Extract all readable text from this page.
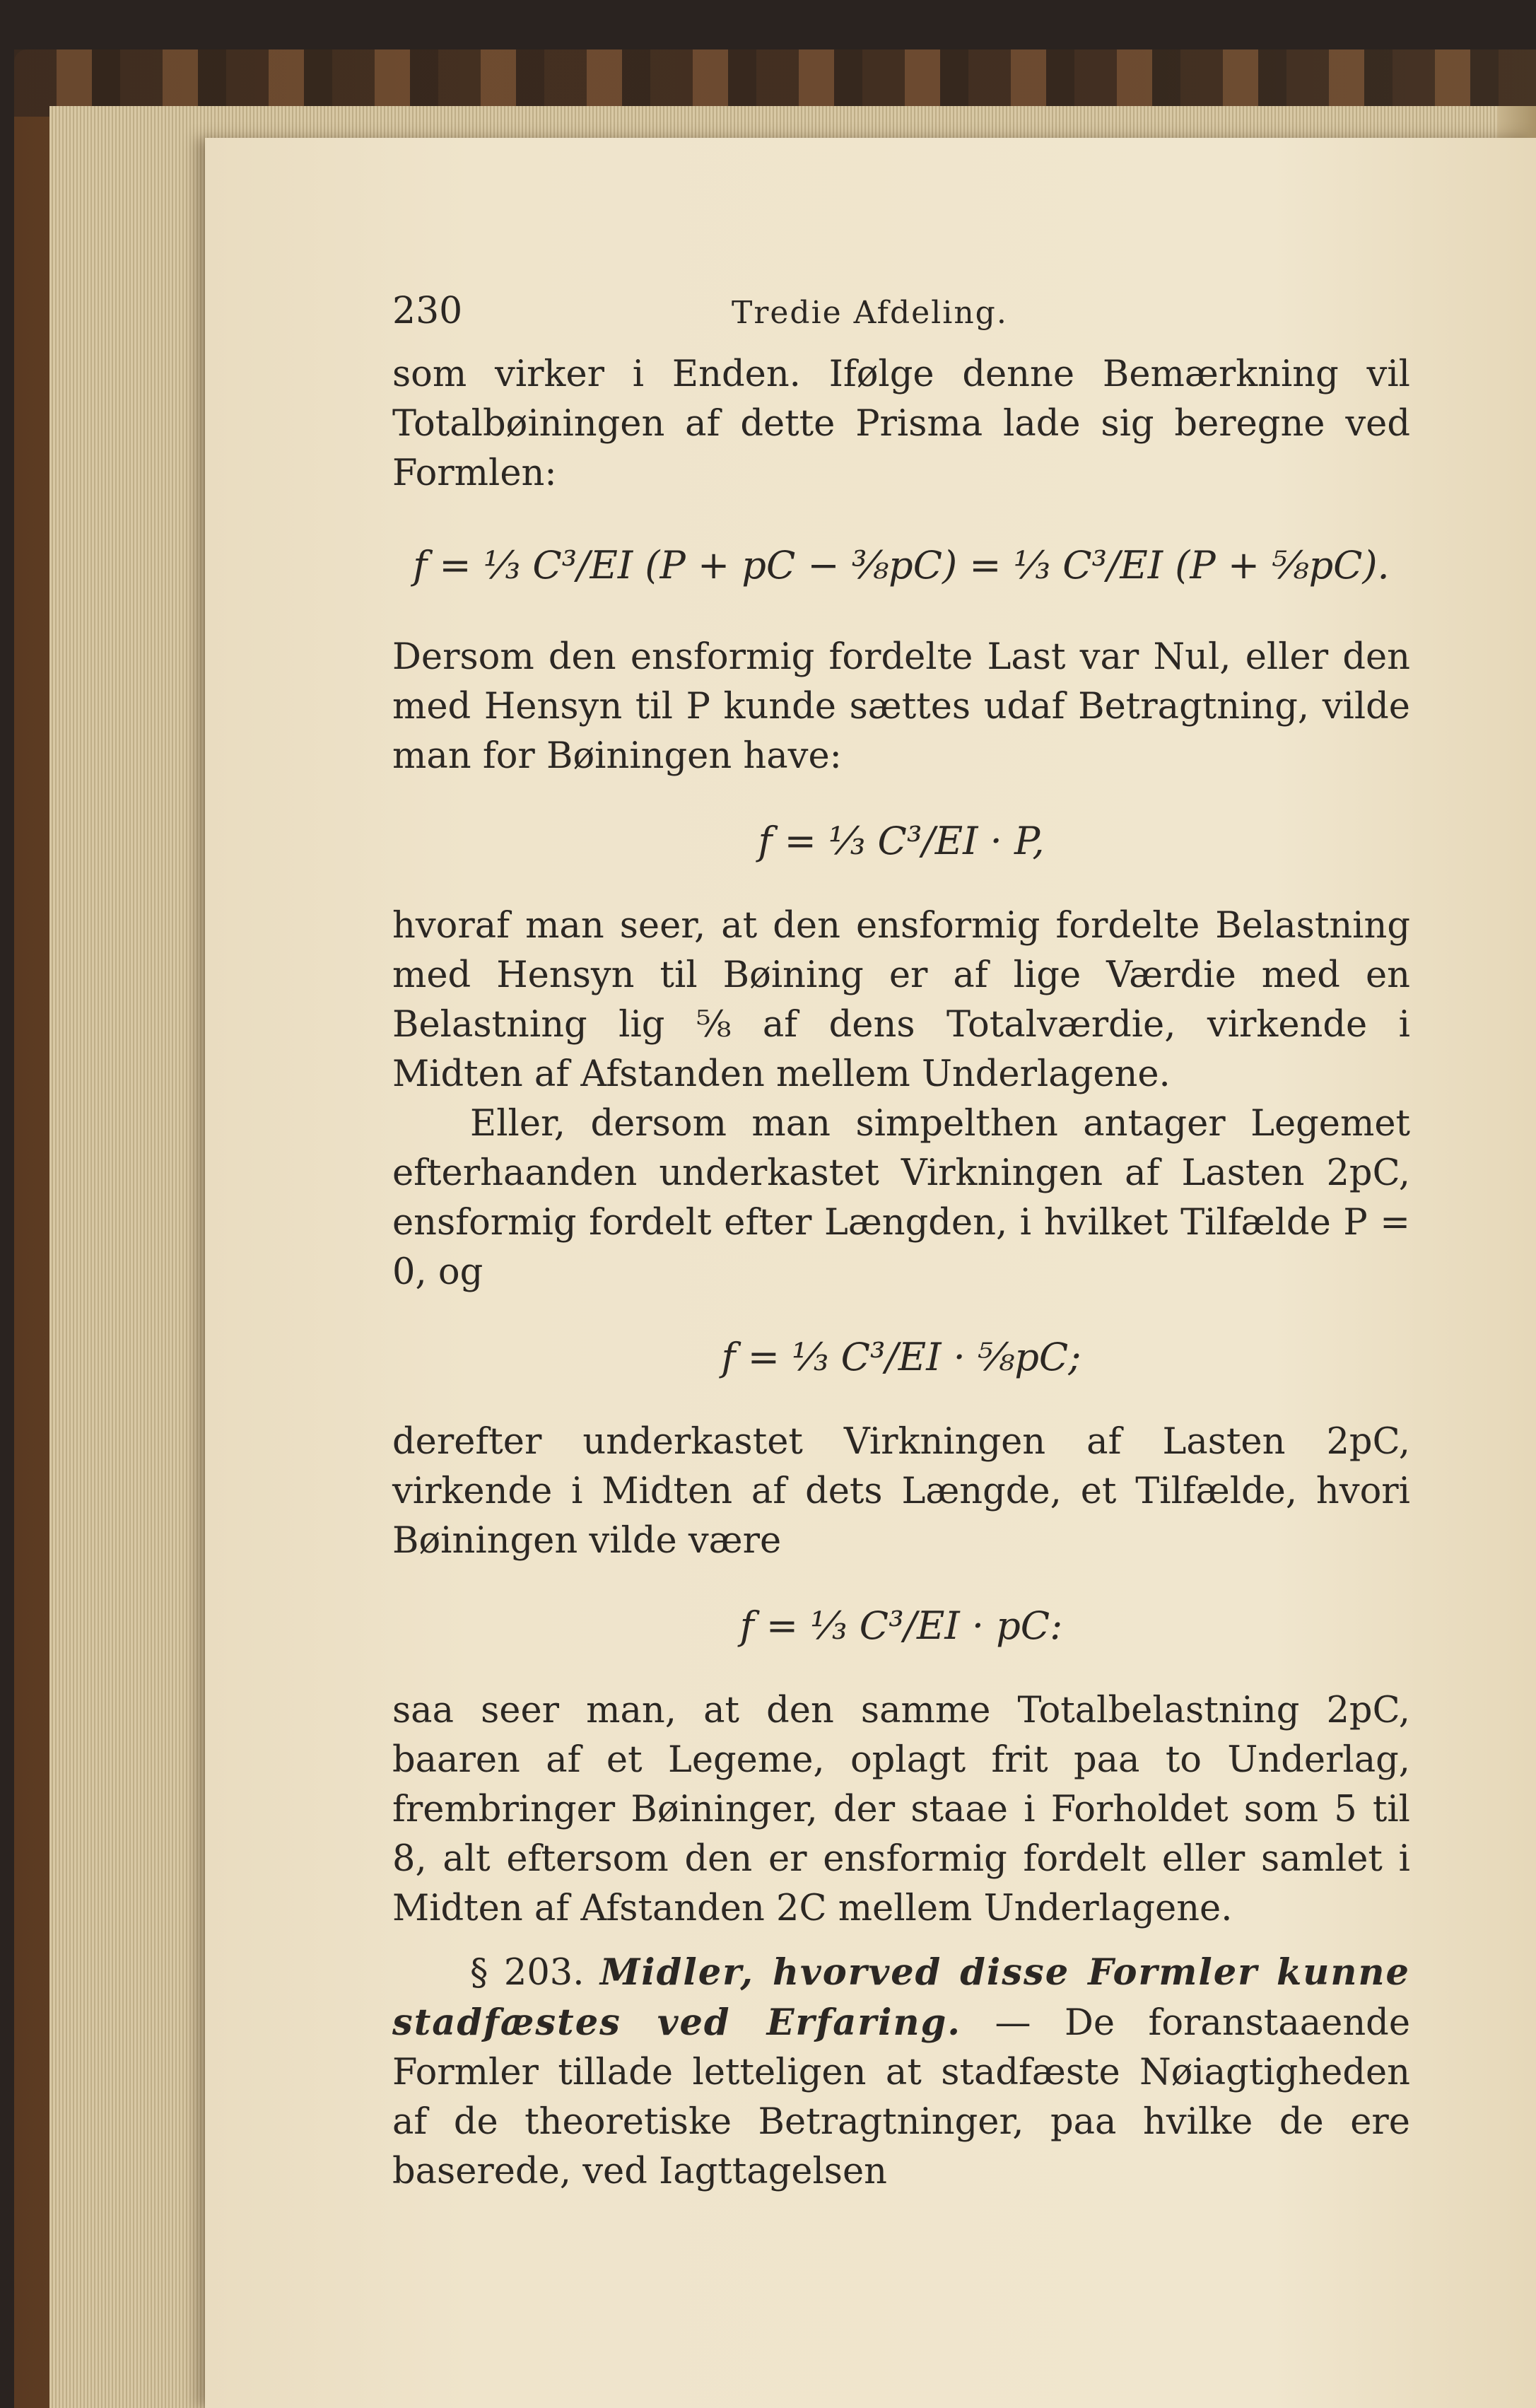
230	Tredie Afdeling.

som virker i Enden. Ifølge denne Bemærkning vil Totalbøiningen af dette Prisma lade sig beregne ved Formlen:

f = ⅓ C³/EI (P + pC − ⅜pC) = ⅓ C³/EI (P + ⅝pC).

Dersom den ensformig fordelte Last var Nul, eller den med Hensyn til P kunde sættes udaf Betragtning, vilde man for Bøiningen have:

f = ⅓ C³/EI · P,

hvoraf man seer, at den ensformig fordelte Belastning med Hensyn til Bøining er af lige Værdie med en Belastning lig ⅝ af dens Totalværdie, virkende i Midten af Afstanden mellem Underlagene.

Eller, dersom man simpelthen antager Legemet efterhaanden underkastet Virkningen af Lasten 2pC, ensformig fordelt efter Længden, i hvilket Tilfælde P = 0, og

f = ⅓ C³/EI · ⅝pC;

derefter underkastet Virkningen af Lasten 2pC, virkende i Midten af dets Længde, et Tilfælde, hvori Bøiningen vilde være

f = ⅓ C³/EI · pC:

saa seer man, at den samme Totalbelastning 2pC, baaren af et Legeme, oplagt frit paa to Underlag, frembringer Bøininger, der staae i Forholdet som 5 til 8, alt eftersom den er ensformig fordelt eller samlet i Midten af Afstanden 2C mellem Underlagene.

§ 203. Midler, hvorved disse Formler kunne stadfæstes ved Erfaring. — De foranstaaende Formler tillade letteligen at stadfæste Nøiagtigheden af de theoretiske Betragtninger, paa hvilke de ere baserede, ved Iagttagelsen
